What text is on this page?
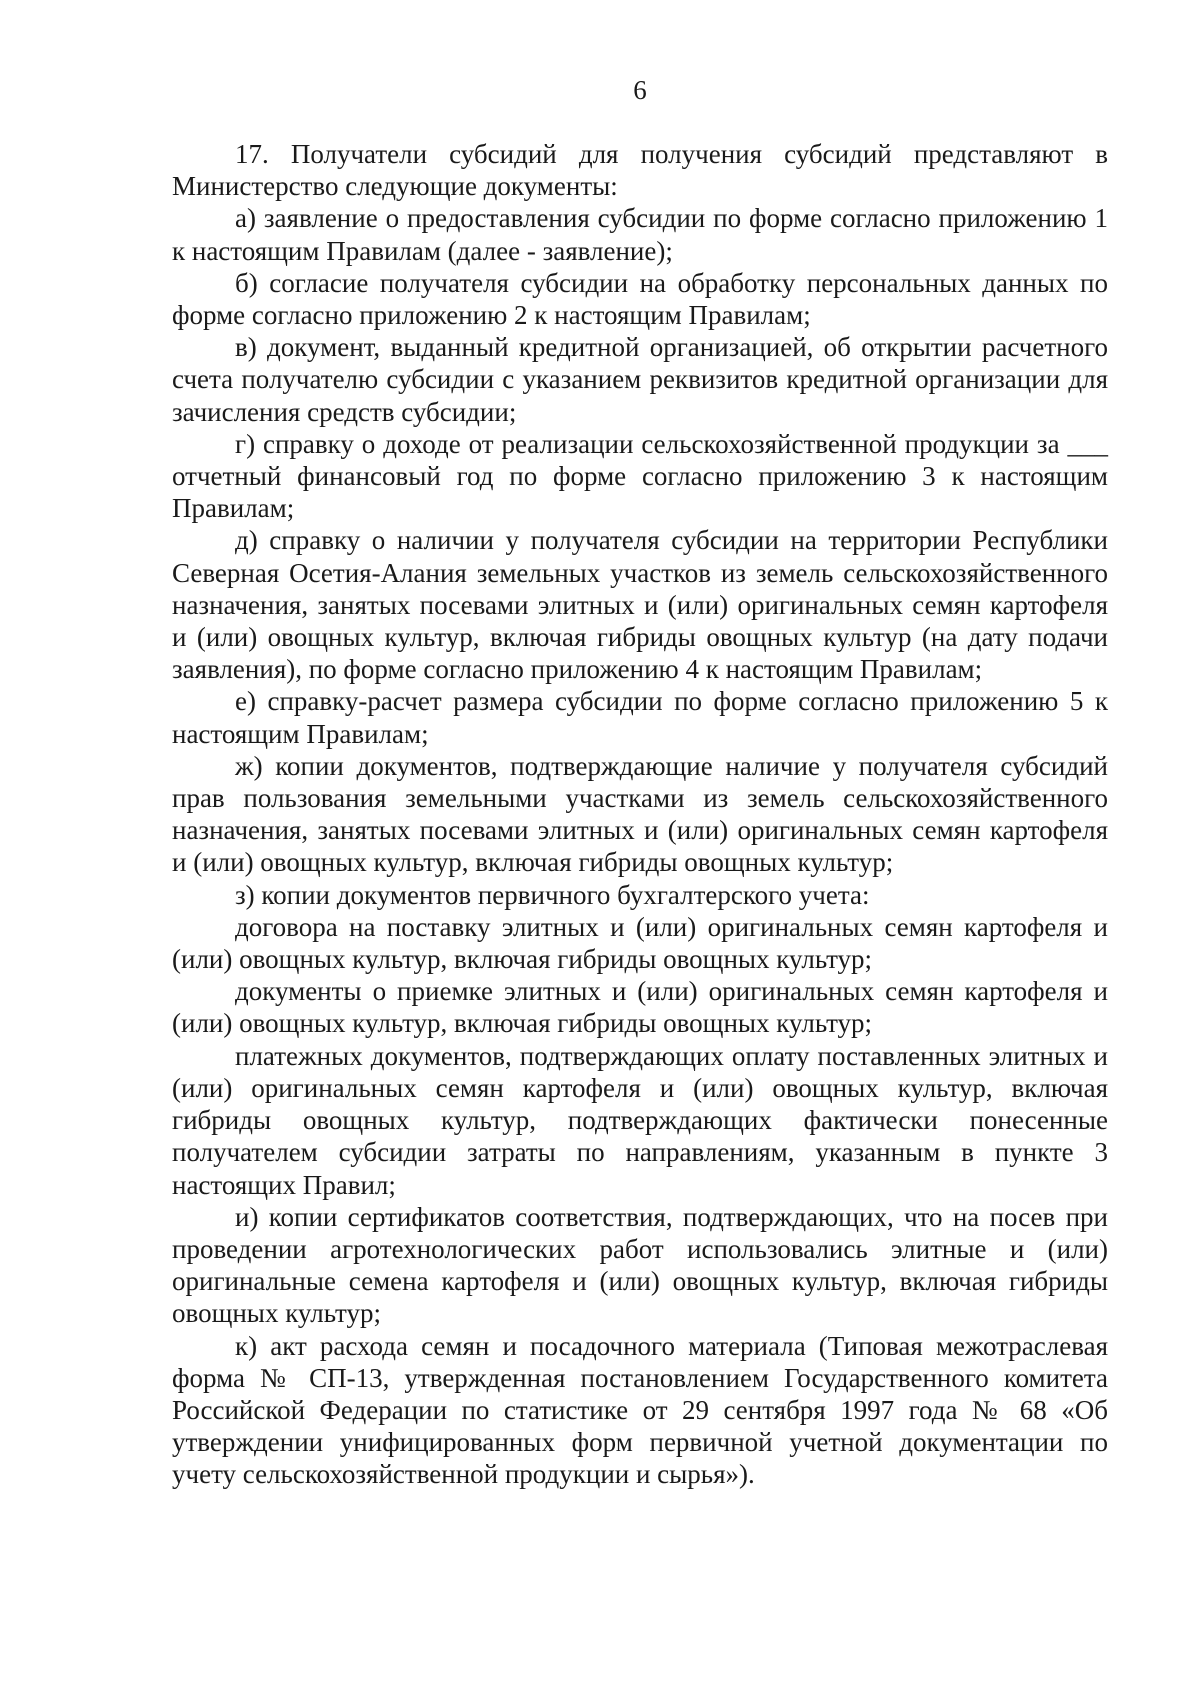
6

17. Получатели субсидий для получения субсидий представляют в Министерство следующие документы:

а) заявление о предоставления субсидии по форме согласно приложению 1 к настоящим Правилам (далее - заявление);

б) согласие получателя субсидии на обработку персональных данных по форме согласно приложению 2 к настоящим Правилам;

в) документ, выданный кредитной организацией, об открытии расчетного счета получателю субсидии с указанием реквизитов кредитной организации для зачисления средств субсидии;

г) справку о доходе от реализации сельскохозяйственной продукции за ___ отчетный финансовый год по форме согласно приложению 3 к настоящим Правилам;

д) справку о наличии у получателя субсидии на территории Республики Северная Осетия-Алания земельных участков из земель сельскохозяйственного назначения, занятых посевами элитных и (или) оригинальных семян картофеля и (или) овощных культур, включая гибриды овощных культур (на дату подачи заявления), по форме согласно приложению 4 к настоящим Правилам;

е) справку-расчет размера субсидии по форме согласно приложению 5 к настоящим Правилам;

ж) копии документов, подтверждающие наличие у получателя субсидий прав пользования земельными участками из земель сельскохозяйственного назначения, занятых посевами элитных и (или) оригинальных семян картофеля и (или) овощных культур, включая гибриды овощных культур;

з) копии документов первичного бухгалтерского учета:

договора на поставку элитных и (или) оригинальных семян картофеля и (или) овощных культур, включая гибриды овощных культур;

документы о приемке элитных и (или) оригинальных семян картофеля и (или) овощных культур, включая гибриды овощных культур;

платежных документов, подтверждающих оплату поставленных элитных и (или) оригинальных семян картофеля и (или) овощных культур, включая гибриды овощных культур, подтверждающих фактически понесенные получателем субсидии затраты по направлениям, указанным в пункте 3 настоящих Правил;

и) копии сертификатов соответствия, подтверждающих, что на посев при проведении агротехнологических работ использовались элитные и (или) оригинальные семена картофеля и (или) овощных культур, включая гибриды овощных культур;

к) акт расхода семян и посадочного материала (Типовая межотраслевая форма № СП-13, утвержденная постановлением Государственного комитета Российской Федерации по статистике от 29 сентября 1997 года № 68 «Об утверждении унифицированных форм первичной учетной документации по учету сельскохозяйственной продукции и сырья»).
